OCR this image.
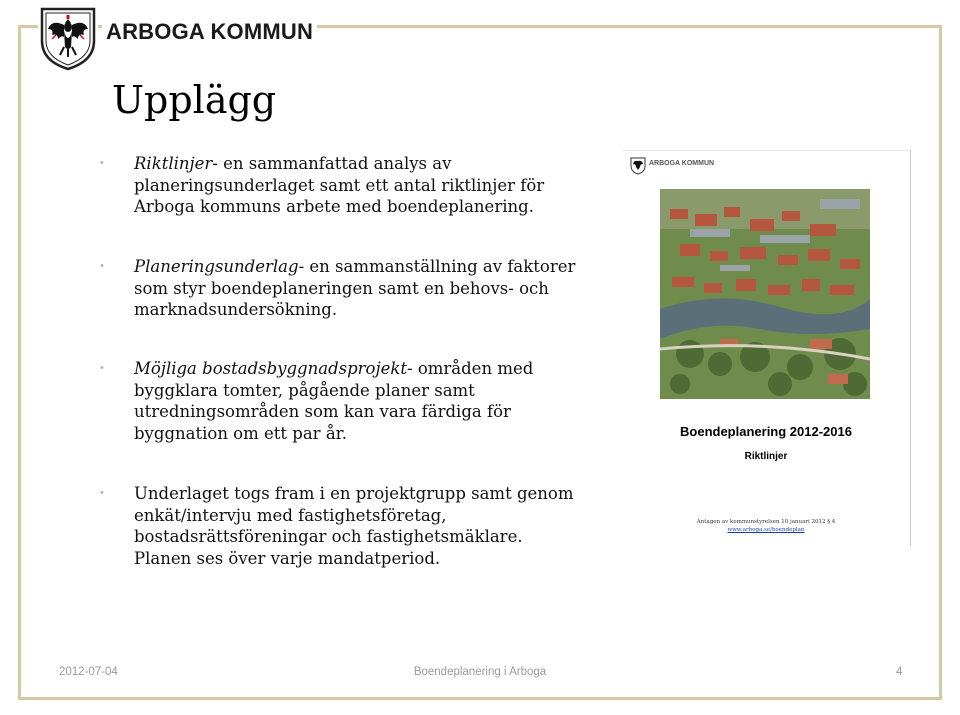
ARBOGA KOMMUN
Upplägg
• Riktlinjer- en sammanfattad analys av planeringsunderlaget samt ett antal riktlinjer för Arboga kommuns arbete med boendeplanering.
• Planeringsunderlag- en sammanställning av faktorer som styr boendeplaneringen samt en behovs- och marknadsundersökning.
• Möjliga bostadsbyggnadsprojekt- områden med byggklara tomter, pågående planer samt utredningsområden som kan vara färdiga för byggnation om ett par år.
• Underlaget togs fram i en projektgrupp samt genom enkät/intervju med fastighetsföretag, bostadsrättsföreningar och fastighetsmäklare. Planen ses över varje mandatperiod.
ARBOGA KOMMUN
Boendeplanering 2012-2016
Riktlinjer
Antagen av kommunstyrelsen 10 januari 2012 § 4
www.arboga.se/boendeplan
2012-07-04	Boendeplanering i Arboga	4
